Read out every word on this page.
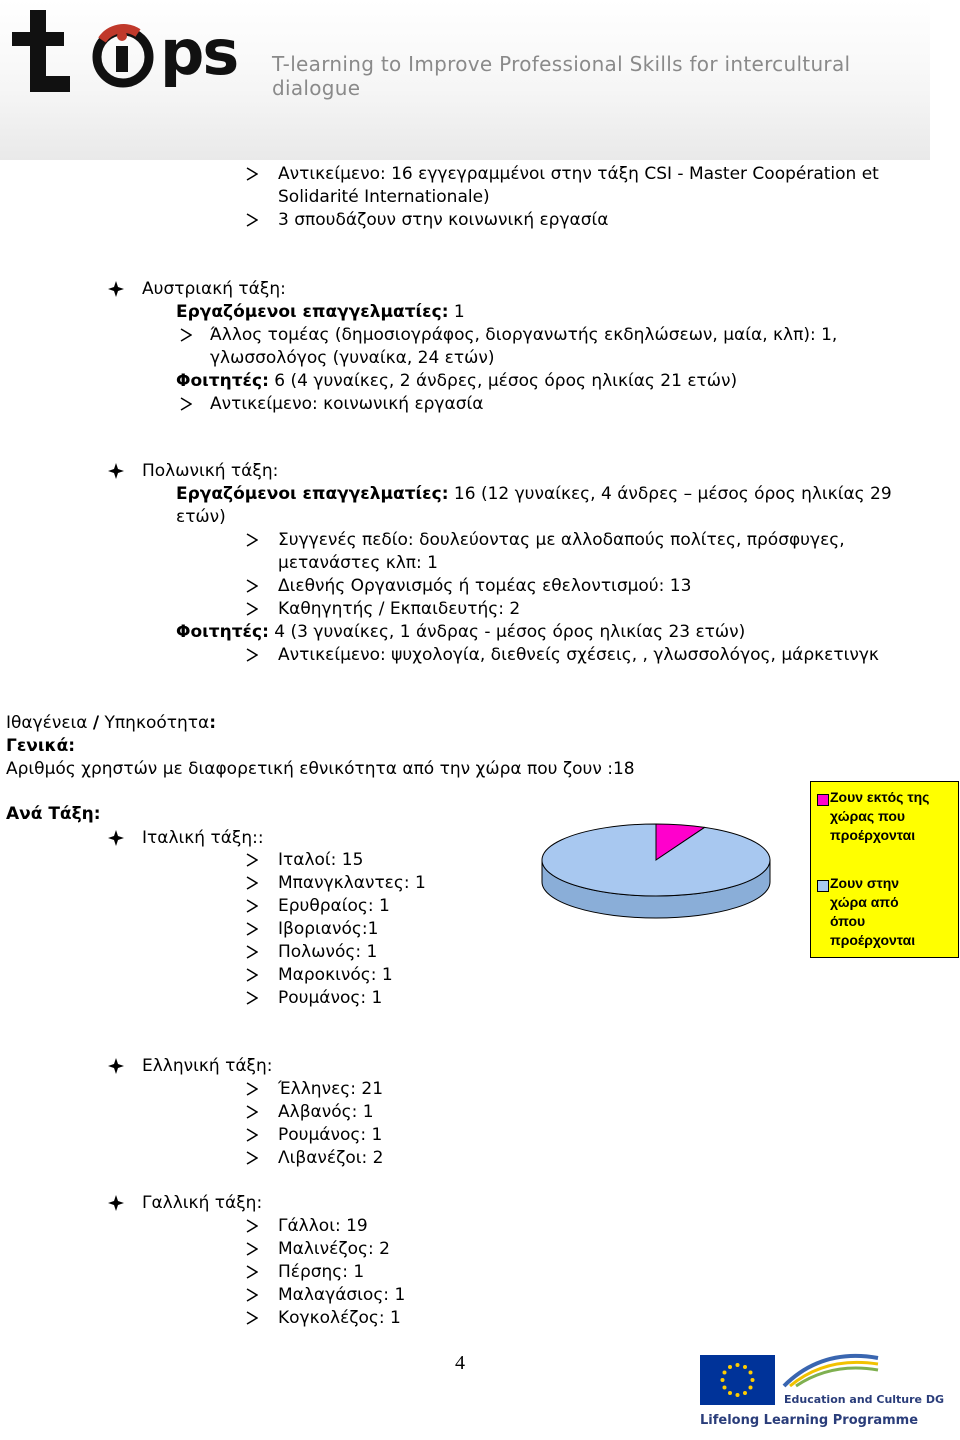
ps T-learning to Improve Professional Skills for intercultural dialogue
Αντικείμενο: 16 εγγεγραμμένοι στην τάξη CSI - Master Coopération et
Solidarité Internationale)
3 σπουδάζουν στην κοινωνική εργασία
Αυστριακή τάξη:
Εργαζόμενοι επαγγελματίες: 1
Άλλος τομέας (δημοσιογράφος, διοργανωτής εκδηλώσεων, μαία, κλπ): 1,
γλωσσολόγος (γυναίκα, 24 ετών)
Φοιτητές: 6 (4 γυναίκες, 2 άνδρες, μέσος όρος ηλικίας 21 ετών)
Αντικείμενο: κοινωνική εργασία
Πολωνική τάξη:
Εργαζόμενοι επαγγελματίες: 16 (12 γυναίκες, 4 άνδρες – μέσος όρος ηλικίας 29
ετών)
Συγγενές πεδίο: δουλεύοντας με αλλοδαπούς πολίτες, πρόσφυγες,
μετανάστες κλπ: 1
Διεθνής Οργανισμός ή τομέας εθελοντισμού: 13
Καθηγητής / Εκπαιδευτής: 2
Φοιτητές: 4 (3 γυναίκες, 1 άνδρας - μέσος όρος ηλικίας 23 ετών)
Αντικείμενο: ψυχολογία, διεθνείς σχέσεις, , γλωσσολόγος, μάρκετινγκ
Ιθαγένεια / Υπηκοότητα:
Γενικά:
Αριθμός χρηστών με διαφορετική εθνικότητα από την χώρα που ζουν :18
Ανά Τάξη:
Ζουν εκτός της
χώρας που
προέρχονται
Ζουν στην
χώρα από
όπου
προέρχονται
Ιταλική τάξη::
Ιταλοί: 15
Μπανγκλαντες: 1
Ερυθραίος: 1
Ιβοριανός:1
Πολωνός: 1
Μαροκινός: 1
Ρουμάνος: 1
Ελληνική τάξη:
Έλληνες: 21
Αλβανός: 1
Ρουμάνος: 1
Λιβανέζοι: 2
Γαλλική τάξη:
Γάλλοι: 19
Μαλινέζος: 2
Πέρσης: 1
Μαλαγάσιος: 1
Κογκολέζος: 1
4
Education and Culture DG
Lifelong Learning Programme
